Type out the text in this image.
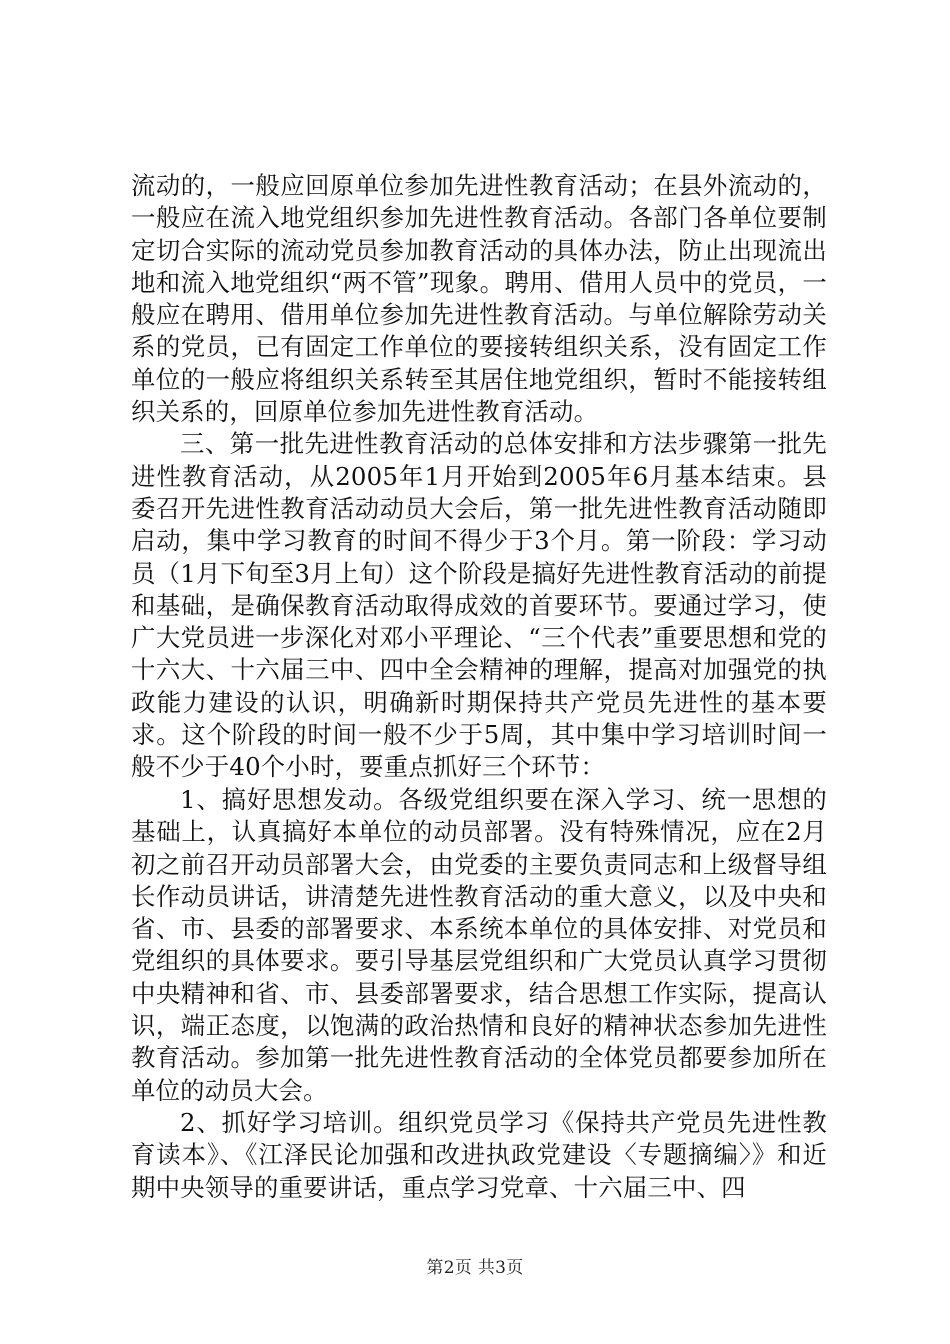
流动的，一般应回原单位参加先进性教育活动；在县外流动的，一般应在流入地党组织参加先进性教育活动。各部门各单位要制定切合实际的流动党员参加教育活动的具体办法，防止出现流出地和流入地党组织“两不管”现象。聘用、借用人员中的党员，一般应在聘用、借用单位参加先进性教育活动。与单位解除劳动关系的党员，已有固定工作单位的要接转组织关系，没有固定工作单位的一般应将组织关系转至其居住地党组织，暂时不能接转组织关系的，回原单位参加先进性教育活动。

三、第一批先进性教育活动的总体安排和方法步骤第一批先进性教育活动，从2005年1月开始到2005年6月基本结束。县委召开先进性教育活动动员大会后，第一批先进性教育活动随即启动，集中学习教育的时间不得少于3个月。第一阶段：学习动员（1月下旬至3月上旬）这个阶段是搞好先进性教育活动的前提和基础，是确保教育活动取得成效的首要环节。要通过学习，使广大党员进一步深化对邓小平理论、“三个代表”重要思想和党的十六大、十六届三中、四中全会精神的理解，提高对加强党的执政能力建设的认识，明确新时期保持共产党员先进性的基本要求。这个阶段的时间一般不少于5周，其中集中学习培训时间一般不少于40个小时，要重点抓好三个环节：

1、搞好思想发动。各级党组织要在深入学习、统一思想的基础上，认真搞好本单位的动员部署。没有特殊情况，应在2月初之前召开动员部署大会，由党委的主要负责同志和上级督导组长作动员讲话，讲清楚先进性教育活动的重大意义，以及中央和省、市、县委的部署要求、本系统本单位的具体安排、对党员和党组织的具体要求。要引导基层党组织和广大党员认真学习贯彻中央精神和省、市、县委部署要求，结合思想工作实际，提高认识，端正态度，以饱满的政治热情和良好的精神状态参加先进性教育活动。参加第一批先进性教育活动的全体党员都要参加所在单位的动员大会。

2、抓好学习培训。组织党员学习《保持共产党员先进性教育读本》、《江泽民论加强和改进执政党建设〈专题摘编〉》和近期中央领导的重要讲话，重点学习党章、十六届三中、四

第2页 共3页
